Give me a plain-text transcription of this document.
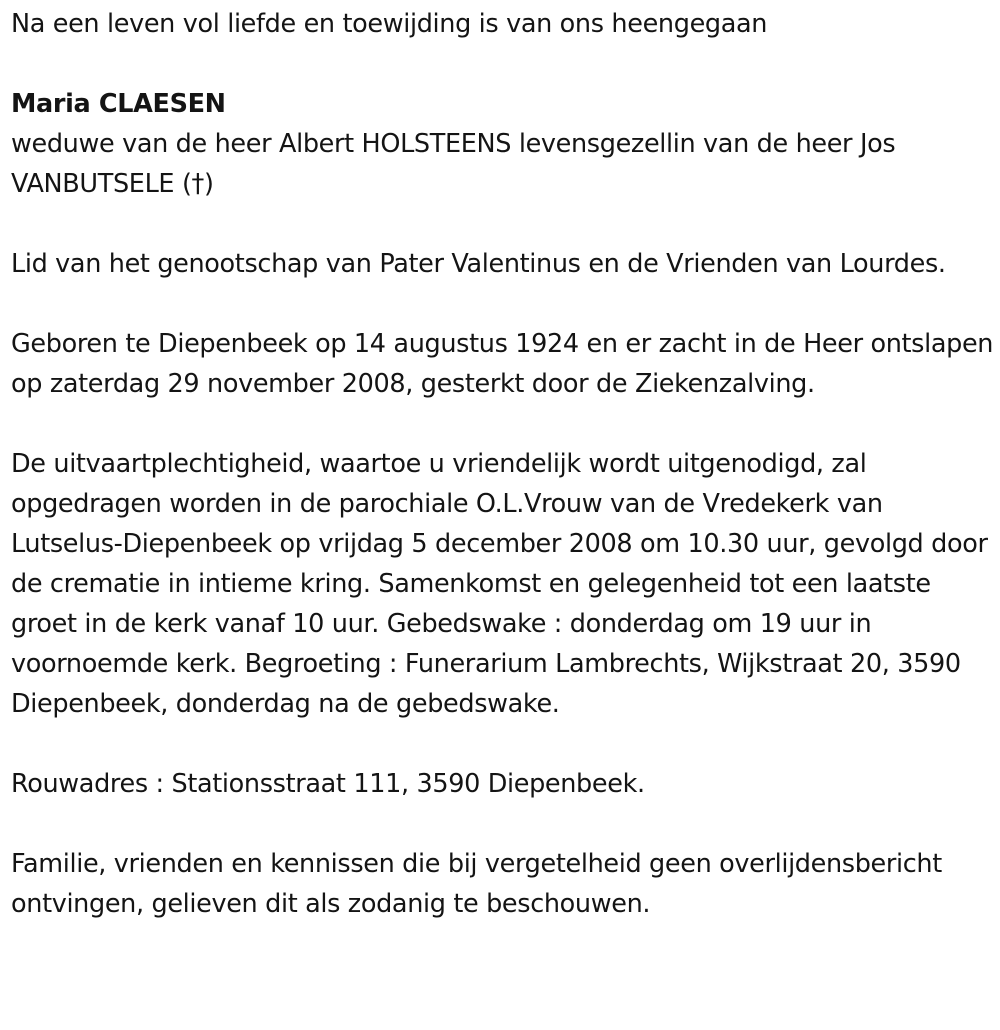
Na een leven vol liefde en toewijding is van ons heengegaan

Maria CLAESEN

weduwe van de heer Albert HOLSTEENS levensgezellin van de heer Jos VANBUTSELE (†)

Lid van het genootschap van Pater Valentinus en de Vrienden van Lourdes.

Geboren te Diepenbeek op 14 augustus 1924 en er zacht in de Heer ontslapen op zaterdag 29 november 2008, gesterkt door de Ziekenzalving.

De uitvaartplechtigheid, waartoe u vriendelijk wordt uitgenodigd, zal opgedragen worden in de parochiale O.L.Vrouw van de Vredekerk van Lutselus-Diepenbeek op vrijdag 5 december 2008 om 10.30 uur, gevolgd door de crematie in intieme kring. Samenkomst en gelegenheid tot een laatste groet in de kerk vanaf 10 uur. Gebedswake : donderdag om 19 uur in voornoemde kerk. Begroeting : Funerarium Lambrechts, Wijkstraat 20, 3590 Diepenbeek, donderdag na de gebedswake.

Rouwadres : Stationsstraat 111, 3590 Diepenbeek.

Familie, vrienden en kennissen die bij vergetelheid geen overlijdensbericht ontvingen, gelieven dit als zodanig te beschouwen.
